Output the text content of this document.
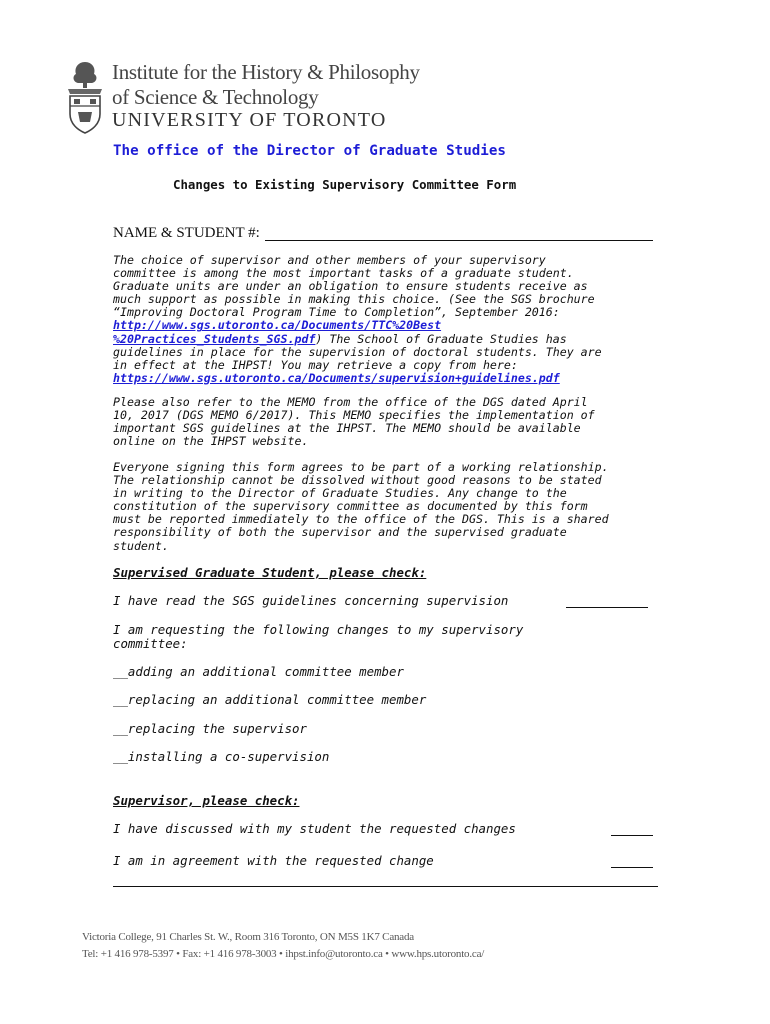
Institute for the History & Philosophy
of Science & Technology
UNIVERSITY OF TORONTO
The office of the Director of Graduate Studies
Changes to Existing Supervisory Committee Form
NAME & STUDENT #:
The choice of supervisor and other members of your supervisory
committee is among the most important tasks of a graduate student.
Graduate units are under an obligation to ensure students receive as
much support as possible in making this choice. (See the SGS brochure
“Improving Doctoral Program Time to Completion”, September 2016:
http://www.sgs.utoronto.ca/Documents/TTC%20Best
%20Practices_Students_SGS.pdf) The School of Graduate Studies has
guidelines in place for the supervision of doctoral students. They are
in effect at the IHPST! You may retrieve a copy from here:
https://www.sgs.utoronto.ca/Documents/supervision+guidelines.pdf
Please also refer to the MEMO from the office of the DGS dated April
10, 2017 (DGS MEMO 6/2017). This MEMO specifies the implementation of
important SGS guidelines at the IHPST. The MEMO should be available
online on the IHPST website.
Everyone signing this form agrees to be part of a working relationship.
The relationship cannot be dissolved without good reasons to be stated
in writing to the Director of Graduate Studies. Any change to the
constitution of the supervisory committee as documented by this form
must be reported immediately to the office of the DGS. This is a shared
responsibility of both the supervisor and the supervised graduate
student.
Supervised Graduate Student, please check:
I have read the SGS guidelines concerning supervision
I am requesting the following changes to my supervisory
committee:
__adding an additional committee member
__replacing an additional committee member
__replacing the supervisor
__installing a co-supervision
Supervisor, please check:
I have discussed with my student the requested changes
I am in agreement with the requested change
Victoria College, 91 Charles St. W., Room 316 Toronto, ON M5S 1K7 Canada
Tel: +1 416 978-5397 • Fax: +1 416 978-3003 • ihpst.info@utoronto.ca • www.hps.utoronto.ca/
